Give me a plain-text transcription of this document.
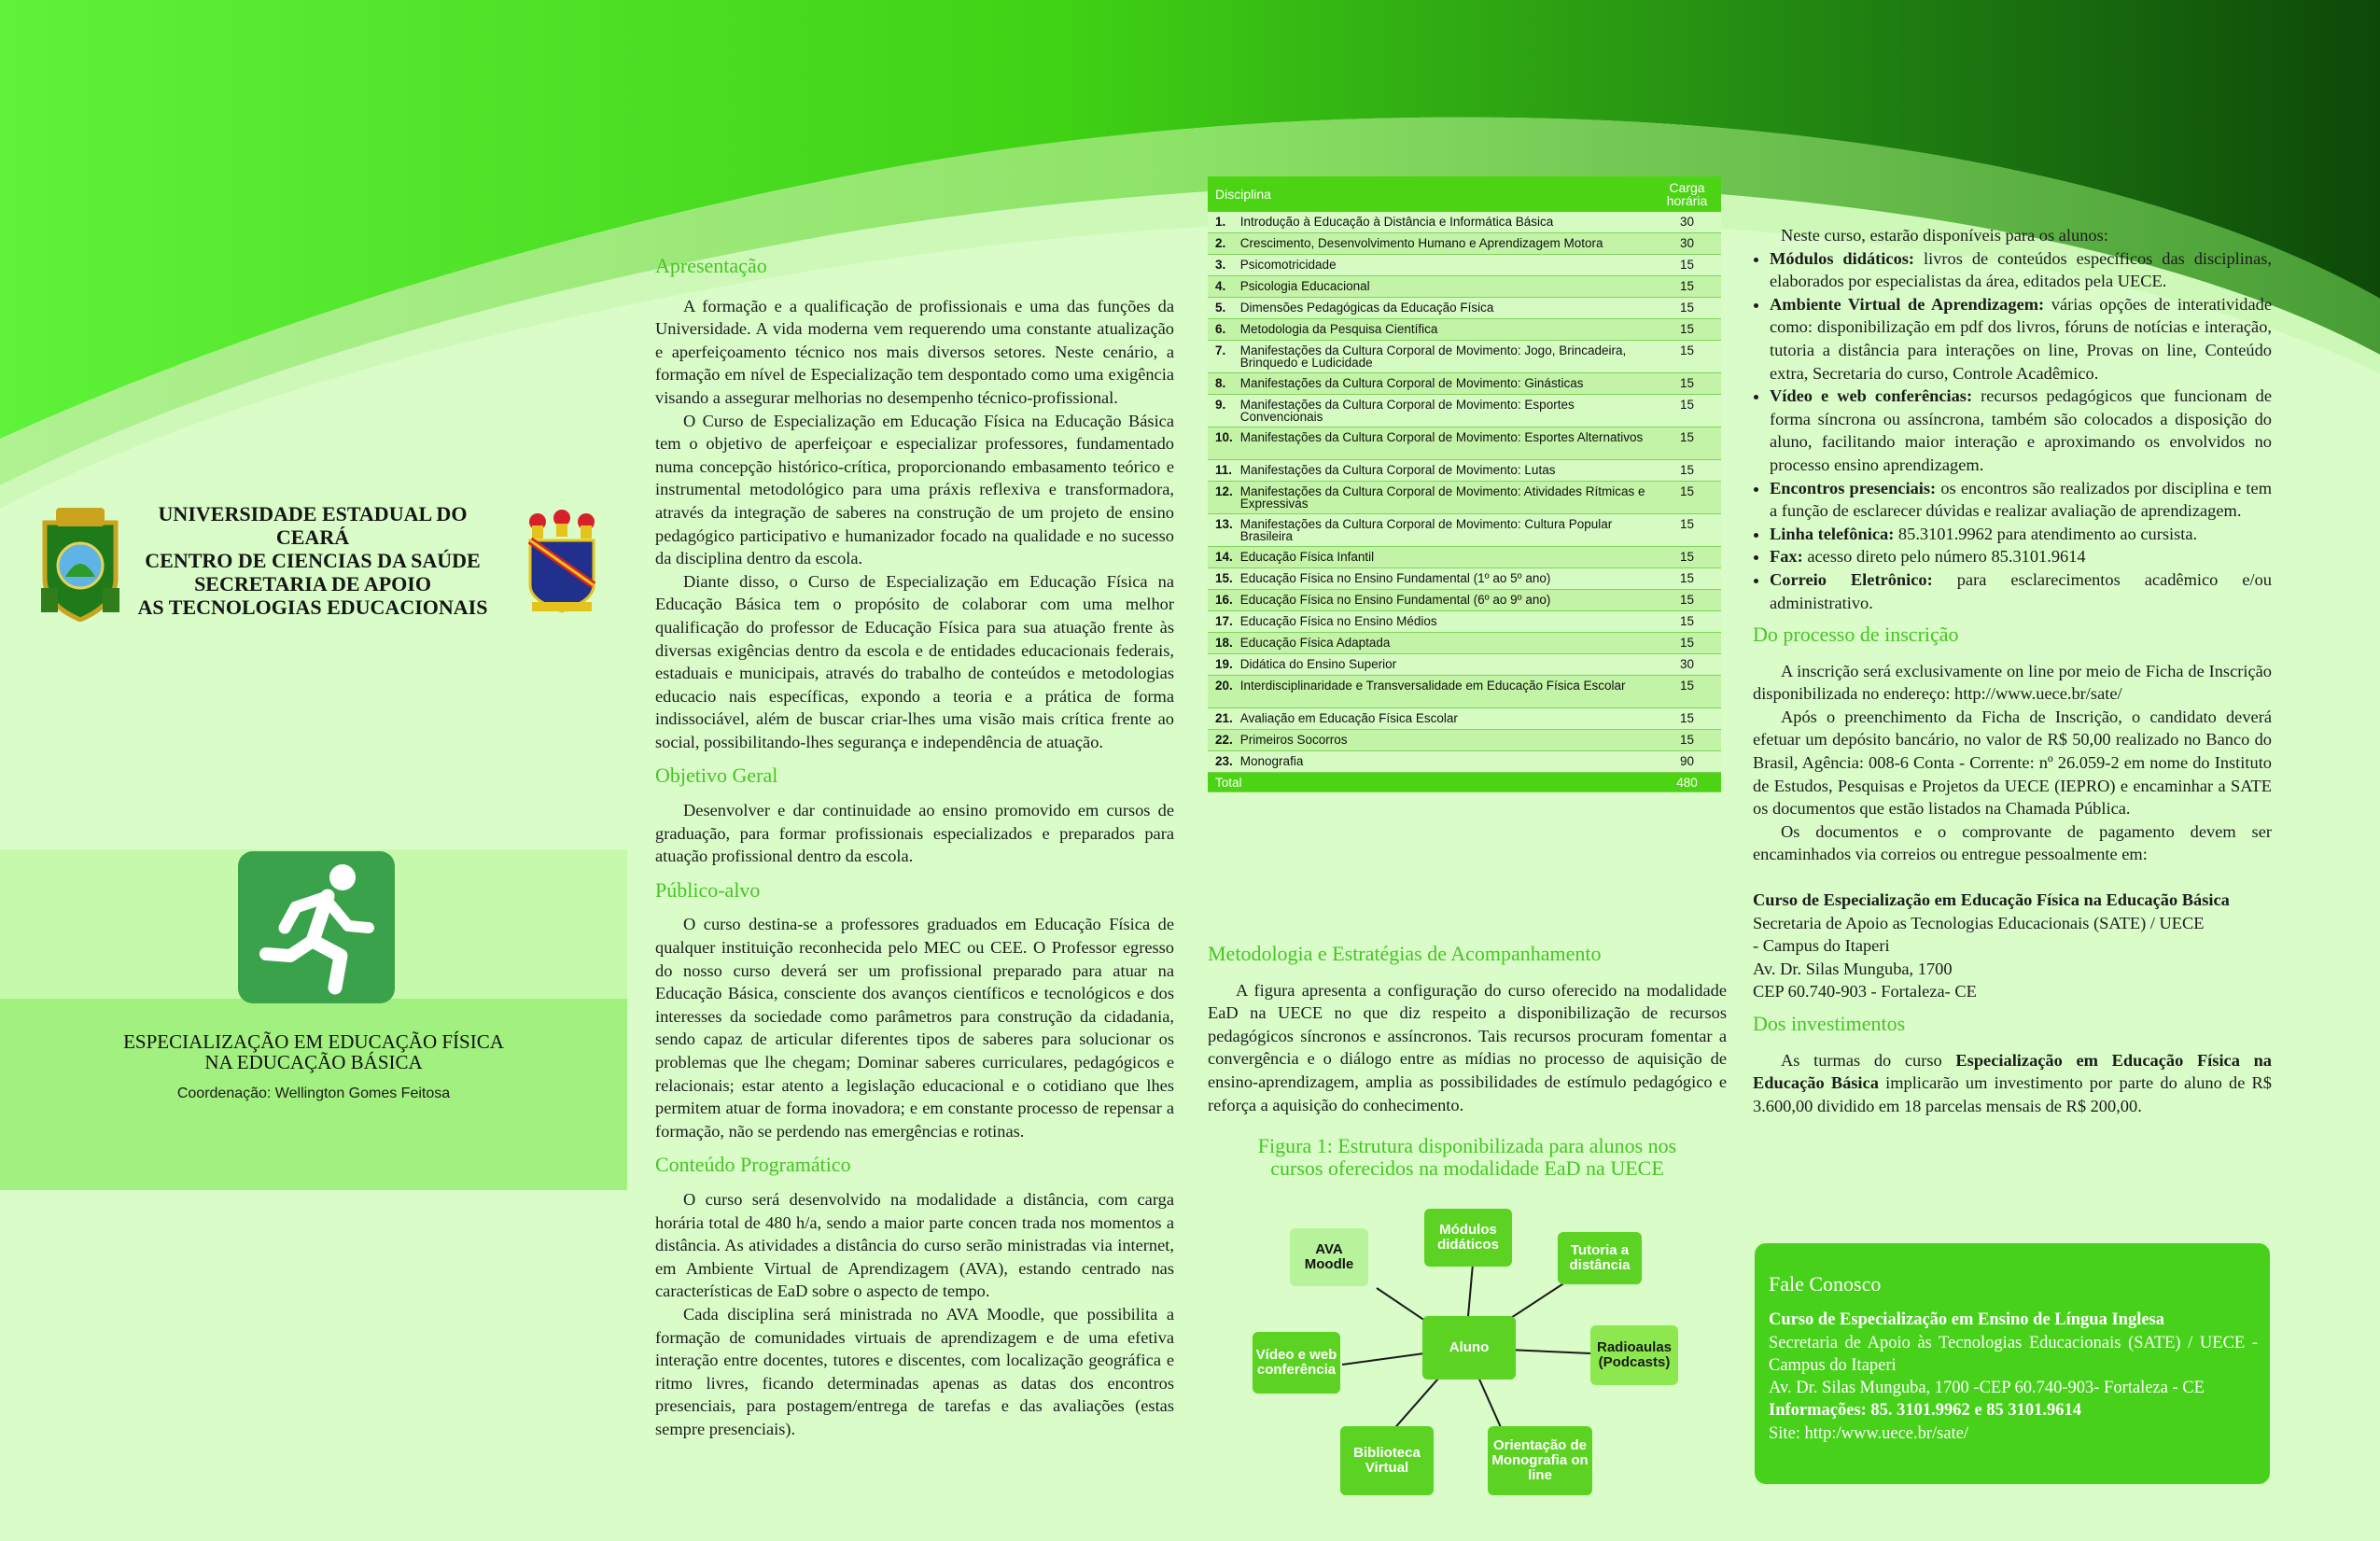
UNIVERSIDADE ESTADUAL DO CEARÁ
CENTRO DE CIENCIAS DA SAÚDE
SECRETARIA DE APOIO
AS TECNOLOGIAS EDUCACIONAIS
ESPECIALIZAÇÃO EM EDUCAÇÃO FÍSICA
NA EDUCAÇÃO BÁSICA
Coordenação: Wellington Gomes Feitosa
Apresentação

A formação e a qualificação de profissionais e uma das funções da Universidade. A vida moderna vem requerendo uma constante atualização e aperfeiçoamento técnico nos mais diversos setores. Neste cenário, a formação em nível de Especialização tem despontado como uma exigência visando a assegurar melhorias no desempenho técnico-profissional.

O Curso de Especialização em Educação Física na Educação Básica tem o objetivo de aperfeiçoar e especializar professores, fundamentado numa concepção histórico-crítica, proporcionando embasamento teórico e instrumental metodológico para uma práxis reflexiva e transformadora, através da integração de saberes na construção de um projeto de ensino pedagógico participativo e humanizador focado na qualidade e no sucesso da disciplina dentro da escola.

Diante disso, o Curso de Especialização em Educação Física na Educação Básica tem o propósito de colaborar com uma melhor qualificação do professor de Educação Física para sua atuação frente às diversas exigências dentro da escola e de entidades educacionais federais, estaduais e municipais, através do trabalho de conteúdos e metodologias educacio nais específicas, expondo a teoria e a prática de forma indissociável, além de buscar criar-lhes uma visão mais crítica frente ao social, possibilitando-lhes segurança e independência de atuação.

Objetivo Geral

Desenvolver e dar continuidade ao ensino promovido em cursos de graduação, para formar profissionais especializados e preparados para atuação profissional dentro da escola.

Público-alvo

O curso destina-se a professores graduados em Educação Física de qualquer instituição reconhecida pelo MEC ou CEE. O Professor egresso do nosso curso deverá ser um profissional preparado para atuar na Educação Básica, consciente dos avanços científicos e tecnológicos e dos interesses da sociedade como parâmetros para construção da cidadania, sendo capaz de articular diferentes tipos de saberes para solucionar os problemas que lhe chegam; Dominar saberes curriculares, pedagógicos e relacionais; estar atento a legislação educacional e o cotidiano que lhes permitem atuar de forma inovadora; e em constante processo de repensar a formação, não se perdendo nas emergências e rotinas.

Conteúdo Programático

O curso será desenvolvido na modalidade a distância, com carga horária total de 480 h/a, sendo a maior parte concen trada nos momentos a distância. As atividades a distância do curso serão ministradas via internet, em Ambiente Virtual de Aprendizagem (AVA), estando centrado nas características de EaD sobre o aspecto de tempo.

Cada disciplina será ministrada no AVA Moodle, que possibilita a formação de comunidades virtuais de aprendizagem e de uma efetiva interação entre docentes, tutores e discentes, com localização geográfica e ritmo livres, ficando determinadas apenas as datas dos encontros presenciais, para postagem/entrega de tarefas e das avaliações (estas sempre presenciais).

Disciplina		Carga horária
1.	Introdução à Educação à Distância e Informática Básica	30
2.	Crescimento, Desenvolvimento Humano e Aprendizagem Motora	30
3.	Psicomotricidade	15
4.	Psicologia Educacional	15
5.	Dimensões Pedagógicas da Educação Física	15
6.	Metodologia da Pesquisa Científica	15
7.	Manifestações da Cultura Corporal de Movimento: Jogo, Brincadeira, Brinquedo e Ludicidade	15
8.	Manifestações da Cultura Corporal de Movimento: Ginásticas	15
9.	Manifestações da Cultura Corporal de Movimento: Esportes Convencionais	15
10.	Manifestações da Cultura Corporal de Movimento: Esportes Alternativos	15
11.	Manifestações da Cultura Corporal de Movimento: Lutas	15
12.	Manifestações da Cultura Corporal de Movimento: Atividades Rítmicas e Expressivas	15
13.	Manifestações da Cultura Corporal de Movimento: Cultura Popular Brasileira	15
14.	Educação Física Infantil	15
15.	Educação Física no Ensino Fundamental (1º ao 5º ano)	15
16.	Educação Física no Ensino Fundamental (6º ao 9º ano)	15
17.	Educação Física no Ensino Médios	15
18.	Educação Física Adaptada	15
19.	Didática do Ensino Superior	30
20.	Interdisciplinaridade e Transversalidade em Educação Física Escolar	15
21.	Avaliação em Educação Física Escolar	15
22.	Primeiros Socorros	15
23.	Monografia	90
Total		480
Metodologia e Estratégias de Acompanhamento

A figura apresenta a configuração do curso oferecido na modalidade EaD na UECE no que diz respeito a disponibilização de recursos pedagógicos síncronos e assíncronos. Tais recursos procuram fomentar a convergência e o diálogo entre as mídias no processo de aquisição de ensino-aprendizagem, amplia as possibilidades de estímulo pedagógico e reforça a aquisição do conhecimento.

Figura 1: Estrutura disponibilizada para alunos nos
cursos oferecidos na modalidade EaD na UECE
AVA Moodle
Módulos didáticos	Tutoria a distância
Aluno	Radioaulas (Podcasts)
Vídeo e web conferência
Biblioteca Virtual
Orientação de Monografia on line

Neste curso, estarão disponíveis para os alunos:

• Módulos didáticos: livros de conteúdos específicos das disciplinas, elaborados por especialistas da área, editados pela UECE.
• Ambiente Virtual de Aprendizagem: várias opções de interatividade como: disponibilização em pdf dos livros, fóruns de notícias e interação, tutoria a distância para interações on line, Provas on line, Conteúdo extra, Secretaria do curso, Controle Acadêmico.
• Vídeo e web conferências: recursos pedagógicos que funcionam de forma síncrona ou assíncrona, também são colocados a disposição do aluno, facilitando maior interação e aproximando os envolvidos no processo ensino aprendizagem.
• Encontros presenciais: os encontros são realizados por disciplina e tem a função de esclarecer dúvidas e realizar avaliação de aprendizagem.
• Linha telefônica: 85.3101.9962 para atendimento ao cursista.
• Fax: acesso direto pelo número 85.3101.9614
• Correio Eletrônico: para esclarecimentos acadêmico e/ou administrativo.
Do processo de inscrição

A inscrição será exclusivamente on line por meio de Ficha de Inscrição disponibilizada no endereço: http://www.uece.br/sate/

Após o preenchimento da Ficha de Inscrição, o candidato deverá efetuar um depósito bancário, no valor de R$ 50,00 realizado no Banco do Brasil, Agência: 008-6 Conta - Corrente: nº 26.059-2 em nome do Instituto de Estudos, Pesquisas e Projetos da UECE (IEPRO) e encaminhar a SATE os documentos que estão listados na Chamada Pública.

Os documentos e o comprovante de pagamento devem ser encaminhados via correios ou entregue pessoalmente em:

Curso de Especialização em Educação Física na Educação Básica
Secretaria de Apoio as Tecnologias Educacionais (SATE) / UECE
- Campus do Itaperi
Av. Dr. Silas Munguba, 1700
CEP 60.740-903 - Fortaleza- CE
Dos investimentos

As turmas do curso Especialização em Educação Física na Educação Básica implicarão um investimento por parte do aluno de R$ 3.600,00 dividido em 18 parcelas mensais de R$ 200,00.

Fale Conosco
Curso de Especialização em Ensino de Língua Inglesa
Secretaria de Apoio às Tecnologias Educacionais (SATE) / UECE - Campus do Itaperi
Av. Dr. Silas Munguba, 1700 -CEP 60.740-903- Fortaleza - CE
Informações: 85. 3101.9962 e 85 3101.9614
Site: http:/www.uece.br/sate/
